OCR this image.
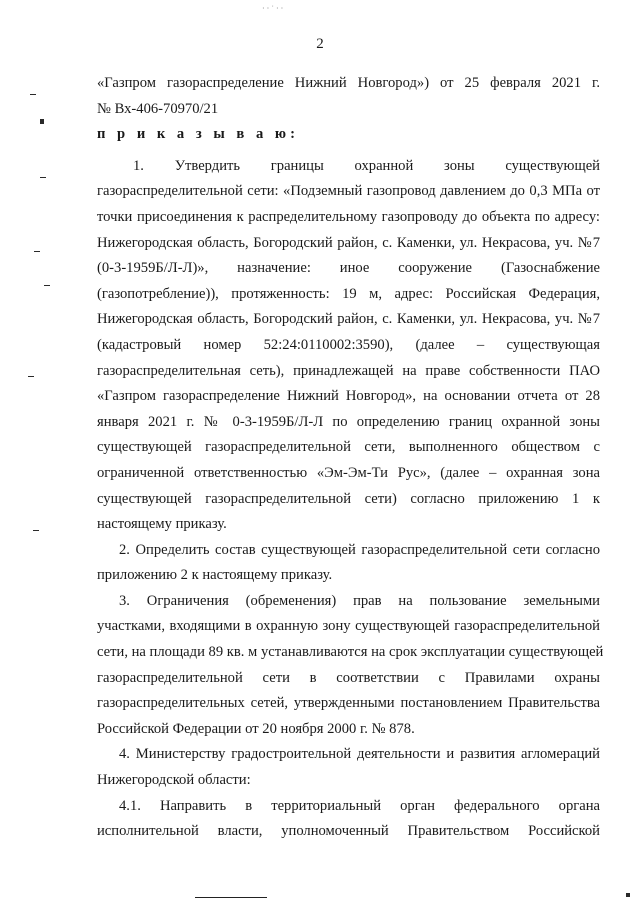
· · ˙ · ·
2

«Газпром газораспределение Нижний Новгород») от 25 февраля 2021 г.
№ Вх-406-70970/21

п р и к а з ы в а ю:

1. Утвердить границы охранной зоны существующей
газораспределительной сети: «Подземный газопровод давлением до 0,3 МПа от
точки присоединения к распределительному газопроводу до объекта по адресу:
Нижегородская область, Богородский район, с. Каменки, ул. Некрасова, уч. №7
(0-3-1959Б/Л-Л)», назначение: иное сооружение (Газоснабжение
(газопотребление)), протяженность: 19 м, адрес: Российская Федерация,
Нижегородская область, Богородский район, с. Каменки, ул. Некрасова, уч. №7
(кадастровый номер 52:24:0110002:3590), (далее – существующая
газораспределительная сеть), принадлежащей на праве собственности ПАО
«Газпром газораспределение Нижний Новгород», на основании отчета от 28
января 2021 г. № 0-3-1959Б/Л-Л по определению границ охранной зоны
существующей газораспределительной сети, выполненного обществом с
ограниченной ответственностью «Эм-Эм-Ти Рус», (далее – охранная зона
существующей газораспределительной сети) согласно приложению 1 к
настоящему приказу.

2. Определить состав существующей газораспределительной сети согласно
приложению 2 к настоящему приказу.

3. Ограничения (обременения) прав на пользование земельными
участками, входящими в охранную зону существующей газораспределительной
сети, на площади 89 кв. м устанавливаются на срок эксплуатации существующей
газораспределительной сети в соответствии с Правилами охраны
газораспределительных сетей, утвержденными постановлением Правительства
Российской Федерации от 20 ноября 2000 г. № 878.

4. Министерству градостроительной деятельности и развития агломераций
Нижегородской области:

4.1. Направить в территориальный орган федерального органа
исполнительной власти, уполномоченный Правительством Российской
